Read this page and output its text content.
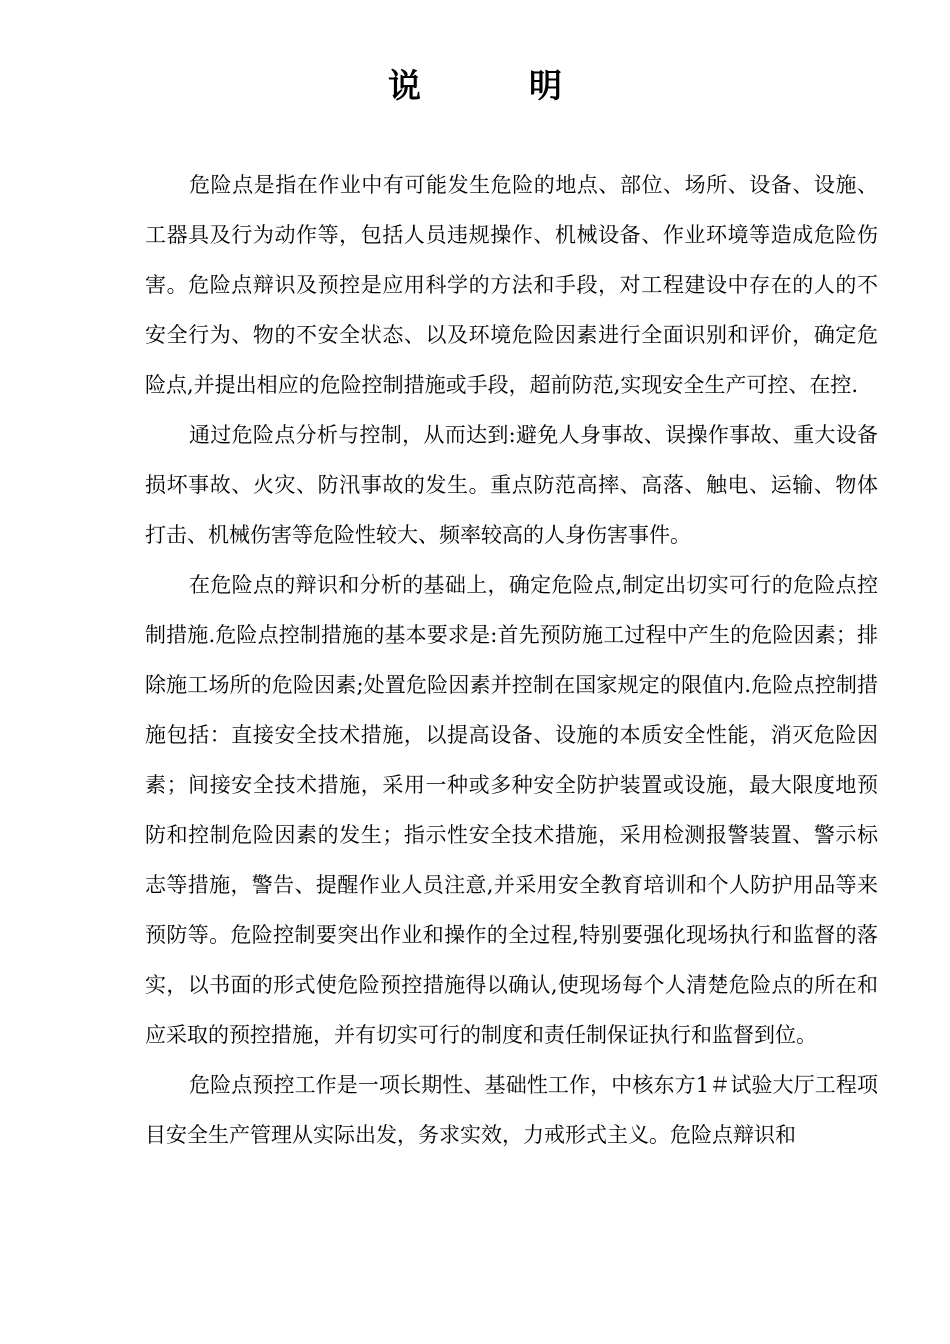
说	明

危险点是指在作业中有可能发生危险的地点、部位、场所、设备、设施、工器具及行为动作等，包括人员违规操作、机械设备、作业环境等造成危险伤害。危险点辩识及预控是应用科学的方法和手段，对工程建设中存在的人的不安全行为、物的不安全状态、以及环境危险因素进行全面识别和评价，确定危险点,并提出相应的危险控制措施或手段，超前防范,实现安全生产可控、在控.

通过危险点分析与控制，从而达到:避免人身事故、误操作事故、重大设备损坏事故、火灾、防汛事故的发生。重点防范高摔、高落、触电、运输、物体打击、机械伤害等危险性较大、频率较高的人身伤害事件。

在危险点的辩识和分析的基础上，确定危险点,制定出切实可行的危险点控制措施.危险点控制措施的基本要求是:首先预防施工过程中产生的危险因素；排除施工场所的危险因素;处置危险因素并控制在国家规定的限值内.危险点控制措施包括：直接安全技术措施，以提高设备、设施的本质安全性能，消灭危险因素；间接安全技术措施，采用一种或多种安全防护装置或设施，最大限度地预防和控制危险因素的发生；指示性安全技术措施，采用检测报警装置、警示标志等措施，警告、提醒作业人员注意,并采用安全教育培训和个人防护用品等来预防等。危险控制要突出作业和操作的全过程,特别要强化现场执行和监督的落实，以书面的形式使危险预控措施得以确认,使现场每个人清楚危险点的所在和应采取的预控措施，并有切实可行的制度和责任制保证执行和监督到位。

危险点预控工作是一项长期性、基础性工作，中核东方1＃试验大厅工程项目安全生产管理从实际出发，务求实效，力戒形式主义。危险点辩识和
